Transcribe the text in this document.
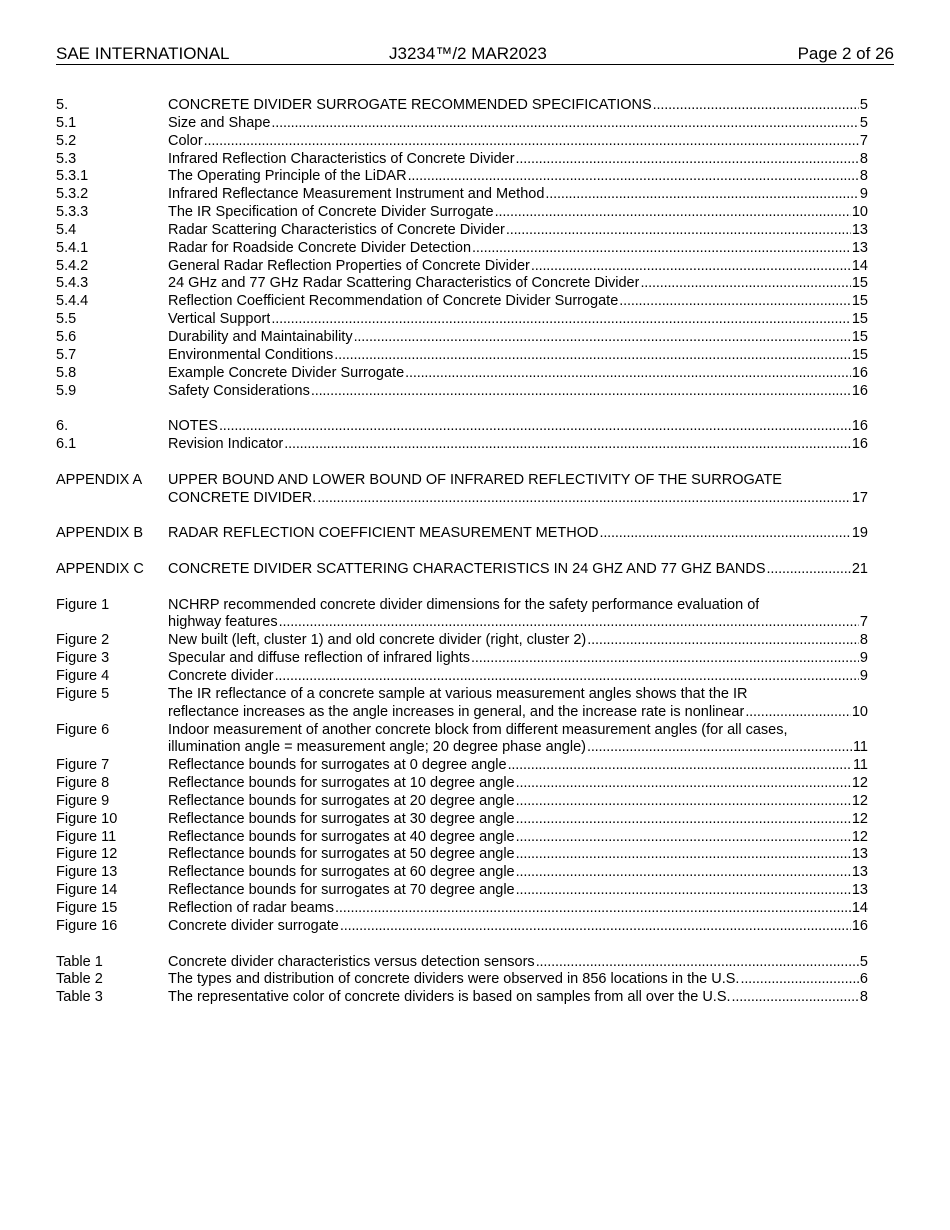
SAE INTERNATIONAL	J3234™/2 MAR2023	Page 2 of 26
5.	CONCRETE DIVIDER SURROGATE RECOMMENDED SPECIFICATIONS . . .	5
5.1	Size and Shape . . .	5
5.2	Color . . .	7
5.3	Infrared Reflection Characteristics of Concrete Divider . . .	8
5.3.1	The Operating Principle of the LiDAR . . .	8
5.3.2	Infrared Reflectance Measurement Instrument and Method . . .	9
5.3.3	The IR Specification of Concrete Divider Surrogate . . .	10
5.4	Radar Scattering Characteristics of Concrete Divider . . .	13
5.4.1	Radar for Roadside Concrete Divider Detection . . .	13
5.4.2	General Radar Reflection Properties of Concrete Divider . . .	14
5.4.3	24 GHz and 77 GHz Radar Scattering Characteristics of Concrete Divider . . .	15
5.4.4	Reflection Coefficient Recommendation of Concrete Divider Surrogate . . .	15
5.5	Vertical Support . . .	15
5.6	Durability and Maintainability . . .	15
5.7	Environmental Conditions . . .	15
5.8	Example Concrete Divider Surrogate . . .	16
5.9	Safety Considerations . . .	16
6.	NOTES . . .	16
6.1	Revision Indicator . . .	16
APPENDIX A	UPPER BOUND AND LOWER BOUND OF INFRARED REFLECTIVITY OF THE SURROGATE
CONCRETE DIVIDER. . . .	17
APPENDIX B	RADAR REFLECTION COEFFICIENT MEASUREMENT METHOD . . .	19
APPENDIX C	CONCRETE DIVIDER SCATTERING CHARACTERISTICS IN 24 GHZ AND 77 GHZ BANDS . . .	21
Figure 1	NCHRP recommended concrete divider dimensions for the safety performance evaluation of
highway features . . .	7
Figure 2	New built (left, cluster 1) and old concrete divider (right, cluster 2) . . .	8
Figure 3	Specular and diffuse reflection of infrared lights . . .	9
Figure 4	Concrete divider . . .	9
Figure 5	The IR reflectance of a concrete sample at various measurement angles shows that the IR
reflectance increases as the angle increases in general, and the increase rate is nonlinear . . .	10
Figure 6	Indoor measurement of another concrete block from different measurement angles (for all cases,
illumination angle = measurement angle; 20 degree phase angle) . . .	11
Figure 7	Reflectance bounds for surrogates at 0 degree angle . . .	11
Figure 8	Reflectance bounds for surrogates at 10 degree angle . . .	12
Figure 9	Reflectance bounds for surrogates at 20 degree angle . . .	12
Figure 10	Reflectance bounds for surrogates at 30 degree angle . . .	12
Figure 11	Reflectance bounds for surrogates at 40 degree angle . . .	12
Figure 12	Reflectance bounds for surrogates at 50 degree angle . . .	13
Figure 13	Reflectance bounds for surrogates at 60 degree angle . . .	13
Figure 14	Reflectance bounds for surrogates at 70 degree angle . . .	13
Figure 15	Reflection of radar beams . . .	14
Figure 16	Concrete divider surrogate . . .	16
Table 1	Concrete divider characteristics versus detection sensors . . .	5
Table 2	The types and distribution of concrete dividers were observed in 856 locations in the U.S. . . .	6
Table 3	The representative color of concrete dividers is based on samples from all over the U.S. . . .	8
